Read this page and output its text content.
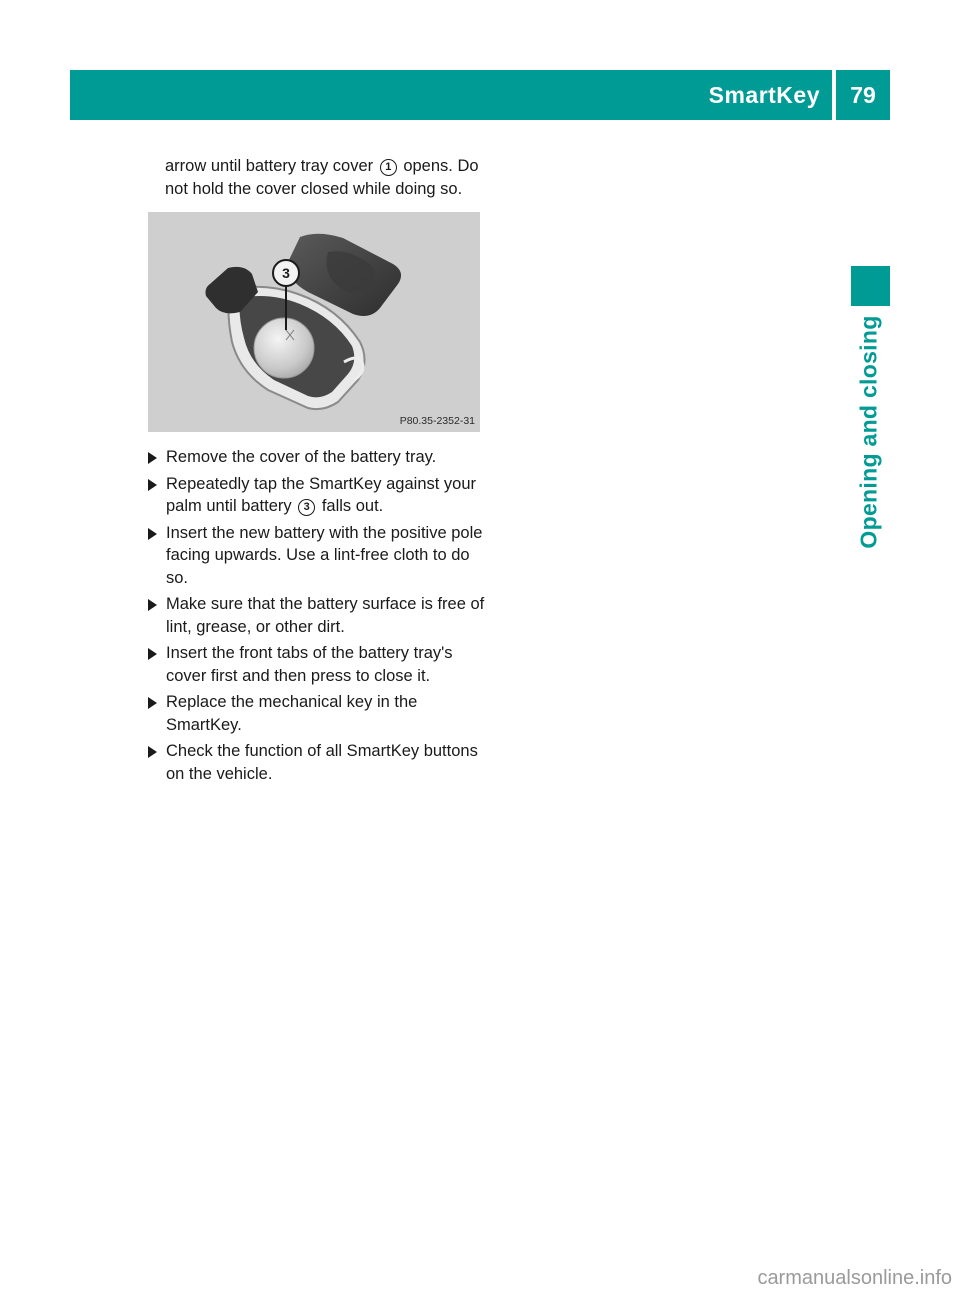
SmartKey	79
Opening and closing

arrow until battery tray cover 1 opens. Do not hold the cover closed while doing so.

3
P80.35-2352-31
Remove the cover of the battery tray.
Repeatedly tap the SmartKey against your palm until battery 3 falls out.
Insert the new battery with the positive pole facing upwards. Use a lint-free cloth to do so.
Make sure that the battery surface is free of lint, grease, or other dirt.
Insert the front tabs of the battery tray's cover first and then press to close it.
Replace the mechanical key in the SmartKey.
Check the function of all SmartKey buttons on the vehicle.
carmanualsonline.info
